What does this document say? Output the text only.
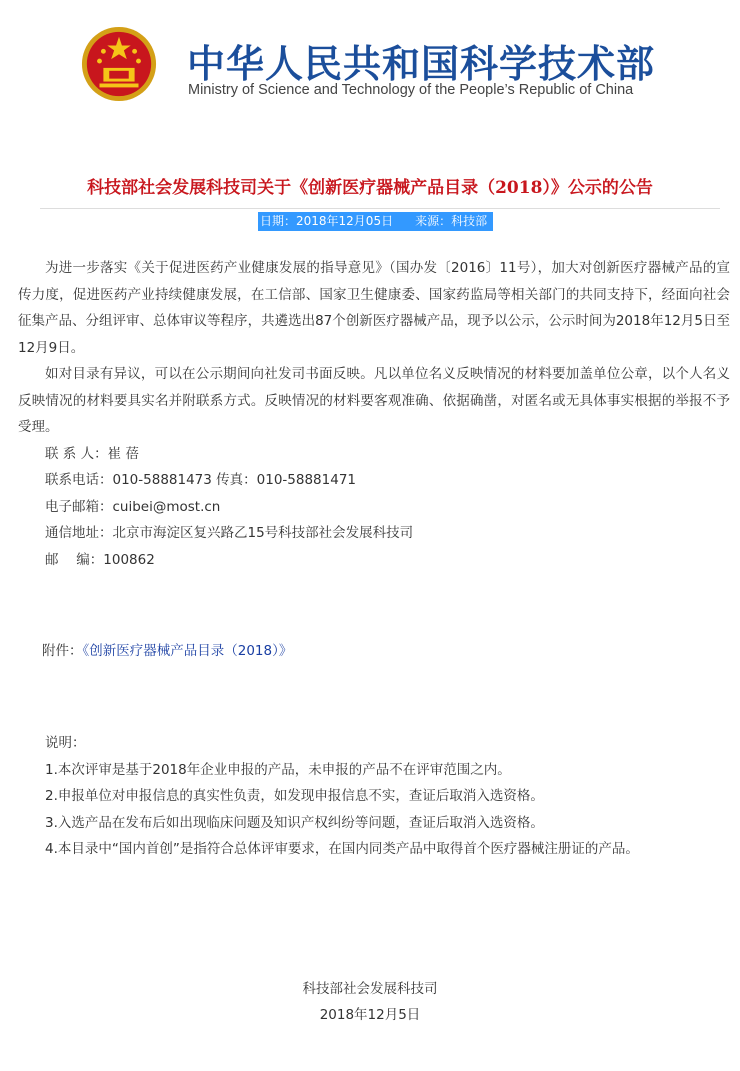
中华人民共和国科学技术部
Ministry of Science and Technology of the People’s Republic of China
科技部社会发展科技司关于《创新医疗器械产品目录（2018）》公示的公告
日期：2018年12月05日 来源：科技部

为进一步落实《关于促进医药产业健康发展的指导意见》（国办发〔2016〕11号），加大对创新医疗器械产品的宣传力度，促进医药产业持续健康发展，在工信部、国家卫生健康委、国家药监局等相关部门的共同支持下，经面向社会征集产品、分组评审、总体审议等程序，共遴选出87个创新医疗器械产品，现予以公示，公示时间为2018年12月5日至12月9日。

如对目录有异议，可以在公示期间向社发司书面反映。凡以单位名义反映情况的材料要加盖单位公章，以个人名义反映情况的材料要具实名并附联系方式。反映情况的材料要客观准确、依据确凿，对匿名或无具体事实根据的举报不予受理。

联 系 人：崔 蓓

联系电话：010-58881473 传真：010-58881471

电子邮箱：cuibei@most.cn

通信地址：北京市海淀区复兴路乙15号科技部社会发展科技司

邮　 编：100862

附件：《创新医疗器械产品目录（2018）》

说明：

1.本次评审是基于2018年企业申报的产品，未申报的产品不在评审范围之内。

2.申报单位对申报信息的真实性负责，如发现申报信息不实，查证后取消入选资格。

3.入选产品在发布后如出现临床问题及知识产权纠纷等问题，查证后取消入选资格。

4.本目录中“国内首创”是指符合总体评审要求，在国内同类产品中取得首个医疗器械注册证的产品。

科技部社会发展科技司
2018年12月5日
